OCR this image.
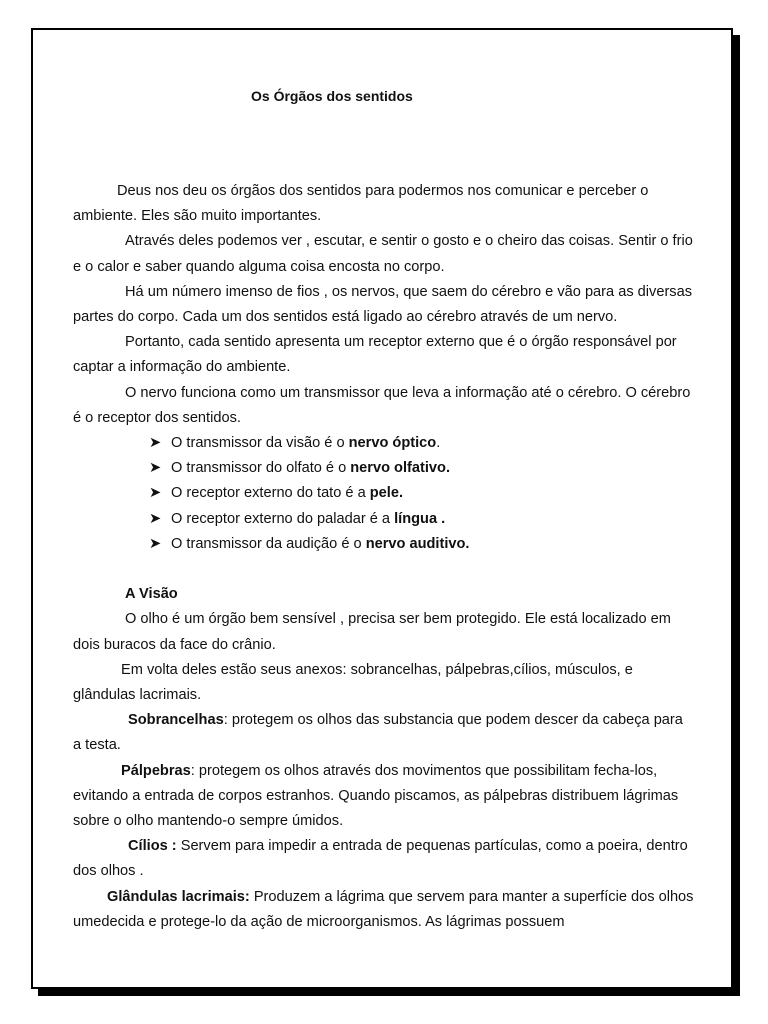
Os Órgãos dos sentidos

Deus nos deu os órgãos dos sentidos para podermos nos comunicar e perceber o ambiente. Eles são muito importantes.

Através deles podemos ver , escutar, e sentir o gosto e o cheiro das coisas. Sentir o frio e o calor e saber quando alguma coisa encosta no corpo.

Há um número imenso de fios , os nervos, que saem do cérebro e vão para as diversas partes do corpo. Cada um dos sentidos está ligado ao cérebro através de um nervo.

Portanto, cada sentido apresenta um receptor externo que é o órgão responsável por captar a informação do ambiente.

O nervo funciona como um transmissor que leva a informação até o cérebro. O cérebro é o receptor dos sentidos.

➤ O transmissor da visão é o nervo óptico.
➤ O transmissor do olfato é o nervo olfativo.
➤ O receptor externo do tato é a pele.
➤ O receptor externo do paladar é a língua .
➤ O transmissor da audição é o nervo auditivo.

A Visão

O olho é um órgão bem sensível , precisa ser bem protegido. Ele está localizado em dois buracos da face do crânio.

Em volta deles estão seus anexos: sobrancelhas, pálpebras,cílios, músculos, e glândulas lacrimais.

Sobrancelhas: protegem os olhos das substancia que podem descer da cabeça para a testa.

Pálpebras: protegem os olhos através dos movimentos que possibilitam fecha-los, evitando a entrada de corpos estranhos. Quando piscamos, as pálpebras distribuem lágrimas sobre o olho mantendo-o sempre úmidos.

Cílios : Servem para impedir a entrada de pequenas partículas, como a poeira, dentro dos olhos .

Glândulas lacrimais: Produzem a lágrima que servem para manter a superfície dos olhos umedecida e protege-lo da ação de microorganismos. As lágrimas possuem
